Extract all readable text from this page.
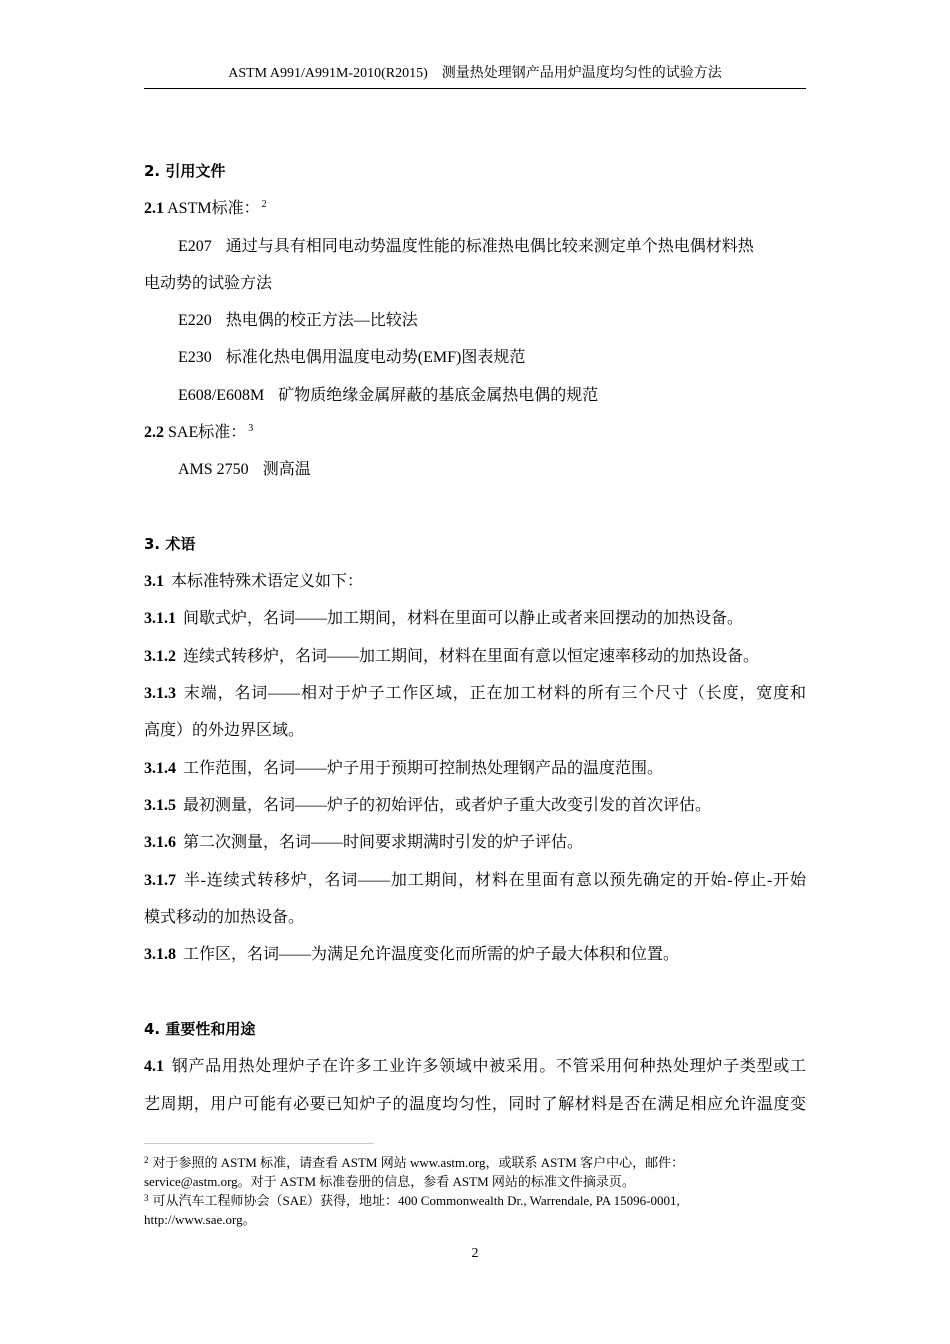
ASTM A991/A991M-2010(R2015)　测量热处理钢产品用炉温度均匀性的试验方法
2. 引用文件
2.1 ASTM标准： $^2$
E207 通过与具有相同电动势温度性能的标准热电偶比较来测定单个热电偶材料热
电动势的试验方法
E220 热电偶的校正方法—比较法
E230 标准化热电偶用温度电动势(EMF)图表规范
E608/E608M 矿物质绝缘金属屏蔽的基底金属热电偶的规范
2.2 SAE标准： $^3$
AMS 2750 测高温
3. 术语
3.1 本标准特殊术语定义如下：
3.1.1 间歇式炉，名词——加工期间，材料在里面可以静止或者来回摆动的加热设备。
3.1.2 连续式转移炉，名词——加工期间，材料在里面有意以恒定速率移动的加热设备。
3.1.3 末端，名词——相对于炉子工作区域，正在加工材料的所有三个尺寸（长度，宽度和
高度）的外边界区域。
3.1.4 工作范围，名词——炉子用于预期可控制热处理钢产品的温度范围。
3.1.5 最初测量，名词——炉子的初始评估，或者炉子重大改变引发的首次评估。
3.1.6 第二次测量，名词——时间要求期满时引发的炉子评估。
3.1.7 半-连续式转移炉，名词——加工期间，材料在里面有意以预先确定的开始-停止-开始
模式移动的加热设备。
3.1.8 工作区，名词——为满足允许温度变化而所需的炉子最大体积和位置。
4. 重要性和用途
4.1 钢产品用热处理炉子在许多工业许多领域中被采用。不管采用何种热处理炉子类型或工
艺周期，用户可能有必要已知炉子的温度均匀性，同时了解材料是否在满足相应允许温度变
$^2$ 对于参照的 ASTM 标准，请查看 ASTM 网站 www.astm.org，或联系 ASTM 客户中心，邮件：
service@astm.org。对于 ASTM 标准卷册的信息，参看 ASTM 网站的标准文件摘录页。
$^3$ 可从汽车工程师协会（SAE）获得，地址：400 Commonwealth Dr., Warrendale, PA 15096-0001,
http://www.sae.org。
2
